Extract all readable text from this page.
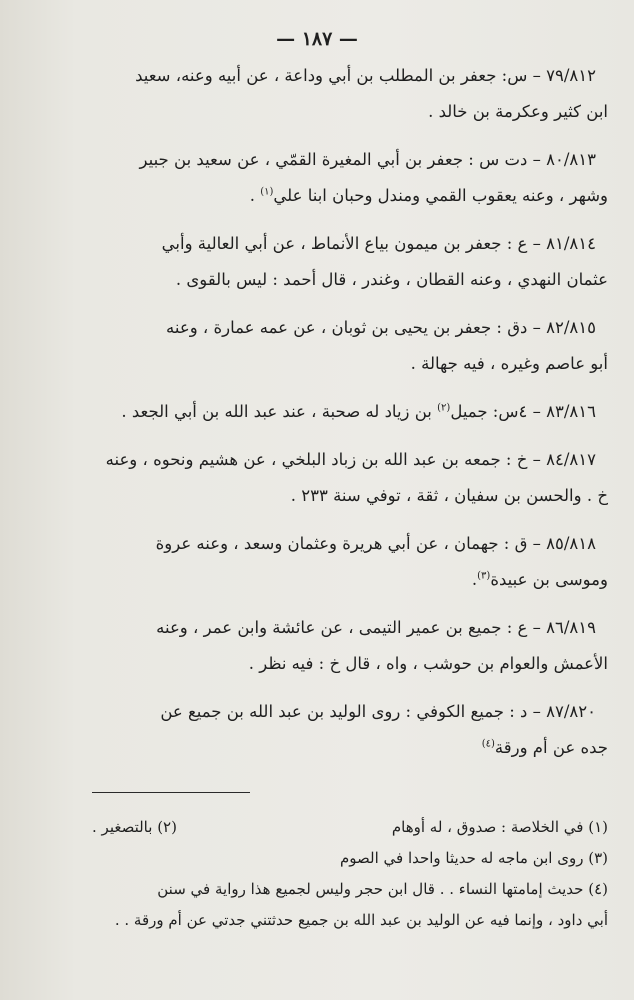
— ١٨٧ —
٧٩/٨١٢ – س: جعفر بن المطلب بن أبي وداعة ، عن أبيه وعنه، سعيد
ابن كثير وعكرمة بن خالد .
٨٠/٨١٣ – دت س : جعفر بن أبي المغيرة القمّي ، عن سعيد بن جبير
وشهر ، وعنه يعقوب القمي ومندل وحبان ابنا علي$^{(١)}$ .
٨١/٨١٤ – ع : جعفر بن ميمون بياع الأنماط ، عن أبي العالية وأبي
عثمان النهدي ، وعنه القطان ، وغندر ، قال أحمد : ليس بالقوى .
٨٢/٨١٥ – دق : جعفر بن يحيى بن ثوبان ، عن عمه عمارة ، وعنه
أبو عاصم وغيره ، فيه جهالة .
٨٣/٨١٦ – ٤س: جميل$^{(٢)}$ بن زياد له صحبة ، عند عبد الله بن أبي الجعد .
٨٤/٨١٧ – خ : جمعه بن عبد الله بن زباد البلخي ، عن هشيم ونحوه ، وعنه
خ . والحسن بن سفيان ، ثقة ، توفي سنة ٢٣٣ .
٨٥/٨١٨ – ق : جهمان ، عن أبي هريرة وعثمان وسعد ، وعنه عروة
وموسى بن عبيدة$^{(٣)}$.
٨٦/٨١٩ – ع : جميع بن عمير التيمى ، عن عائشة وابن عمر ، وعنه
الأعمش والعوام بن حوشب ، واه ، قال خ : فيه نظر .
٨٧/٨٢٠ – د : جميع الكوفي : روى الوليد بن عبد الله بن جميع عن
جده عن أم ورقة$^{(٤)}$
(١) في الخلاصة : صدوق ، له أوهام
(٢) بالتصغير .
(٣) روى ابن ماجه له حديثا واحدا في الصوم
(٤) حديث إمامتها النساء . . قال ابن حجر وليس لجميع هذا رواية في سنن
أبي داود ، وإنما فيه عن الوليد بن عبد الله بن جميع حدثتني جدتي عن أم ورقة . .
